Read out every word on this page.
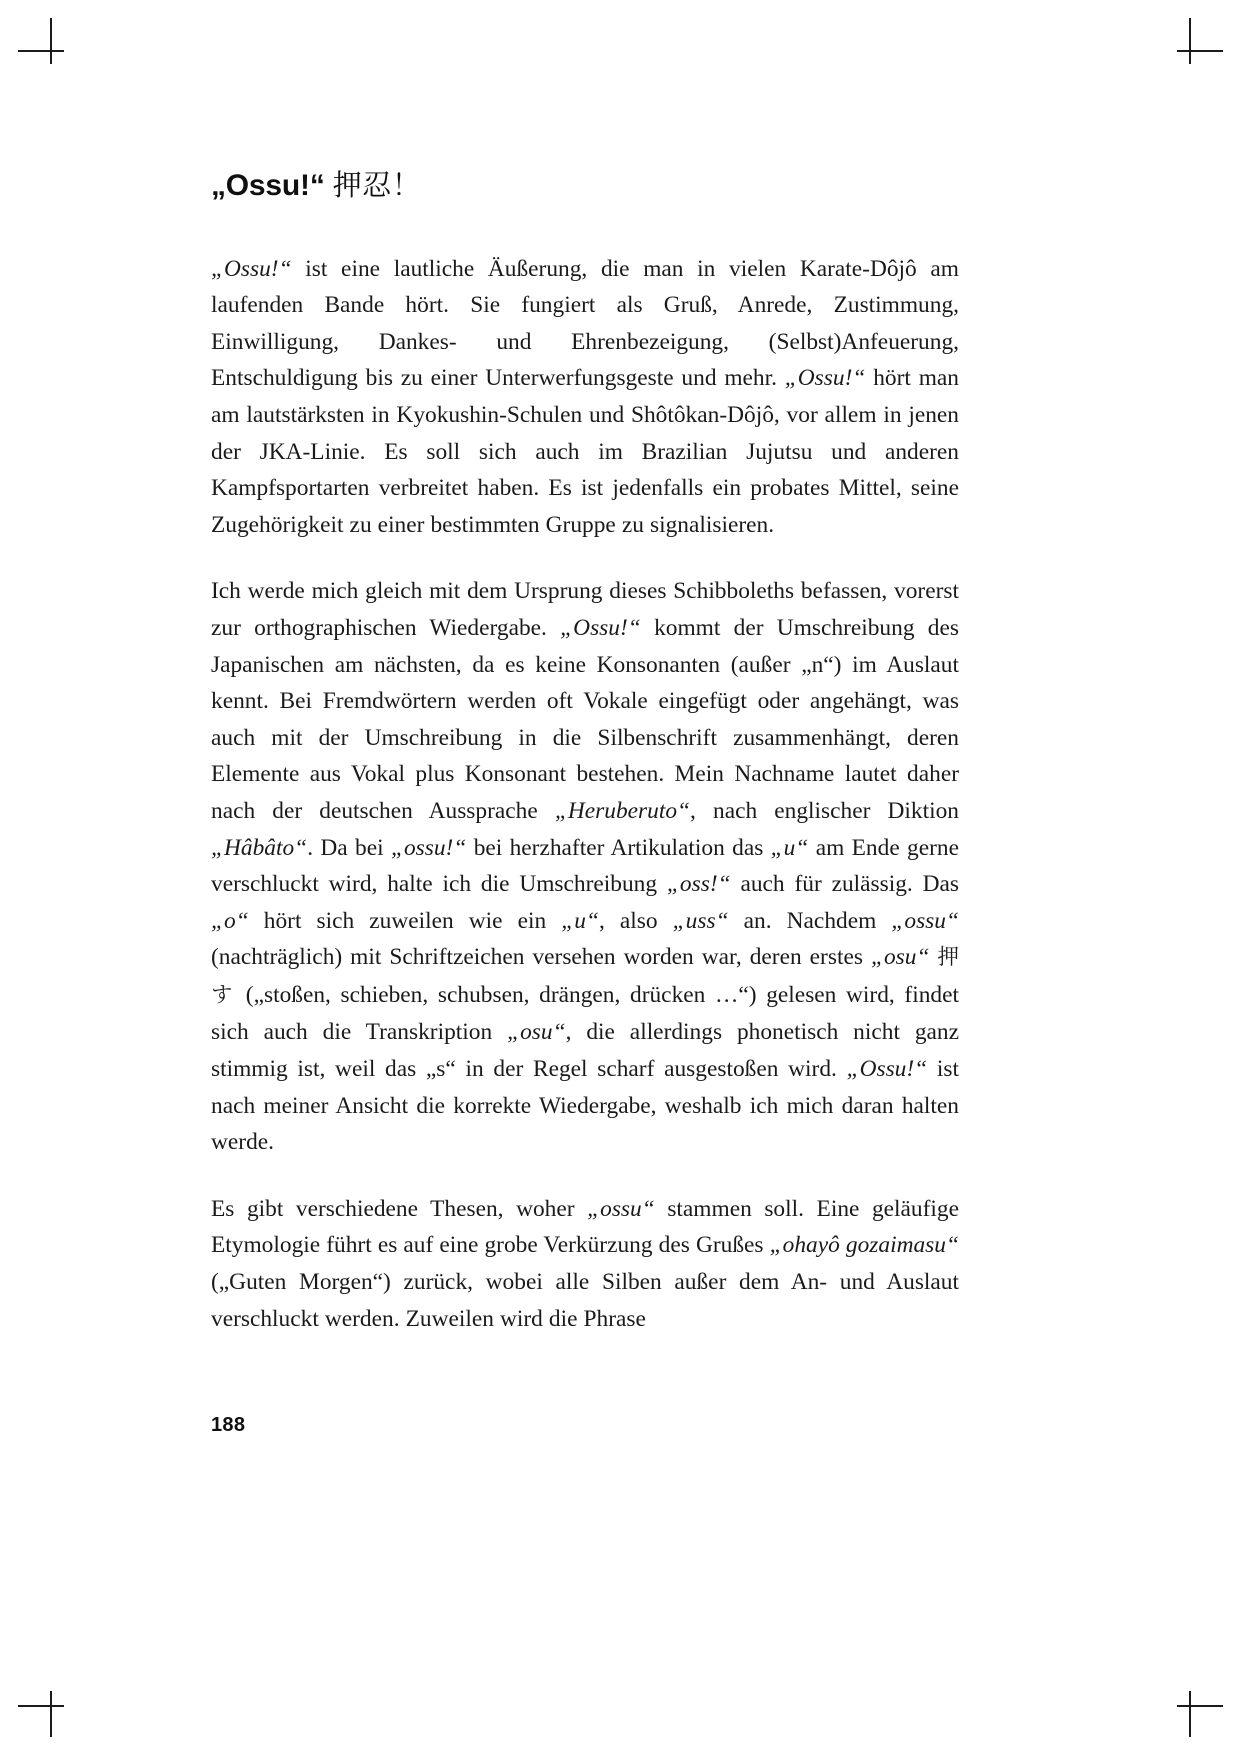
„Ossu!“ 押忍！

„Ossu!“ ist eine lautliche Äußerung, die man in vielen Karate-Dôjô am laufenden Bande hört. Sie fungiert als Gruß, Anrede, Zustimmung, Einwilligung, Dankes- und Ehrenbezeigung, (Selbst)Anfeuerung, Entschuldigung bis zu einer Unterwerfungsgeste und mehr. „Ossu!“ hört man am lautstärksten in Kyokushin-Schulen und Shôtôkan-Dôjô, vor allem in jenen der JKA-Linie. Es soll sich auch im Brazilian Jujutsu und anderen Kampfsportarten verbreitet haben. Es ist jedenfalls ein probates Mittel, seine Zugehörigkeit zu einer bestimmten Gruppe zu signalisieren.

Ich werde mich gleich mit dem Ursprung dieses Schibboleths befassen, vorerst zur orthographischen Wiedergabe. „Ossu!“ kommt der Umschreibung des Japanischen am nächsten, da es keine Konsonanten (außer „n“) im Auslaut kennt. Bei Fremdwörtern werden oft Vokale eingefügt oder angehängt, was auch mit der Umschreibung in die Silbenschrift zusammenhängt, deren Elemente aus Vokal plus Konsonant bestehen. Mein Nachname lautet daher nach der deutschen Aussprache „Heruberuto“, nach englischer Diktion „Hâbâto“. Da bei „ossu!“ bei herzhafter Artikulation das „u“ am Ende gerne verschluckt wird, halte ich die Umschreibung „oss!“ auch für zulässig. Das „o“ hört sich zuweilen wie ein „u“, also „uss“ an. Nachdem „ossu“ (nachträglich) mit Schriftzeichen versehen worden war, deren erstes „osu“ 押す („stoßen, schieben, schubsen, drängen, drücken …“) gelesen wird, findet sich auch die Transkription „osu“, die allerdings phonetisch nicht ganz stimmig ist, weil das „s“ in der Regel scharf ausgestoßen wird. „Ossu!“ ist nach meiner Ansicht die korrekte Wiedergabe, weshalb ich mich daran halten werde.

Es gibt verschiedene Thesen, woher „ossu“ stammen soll. Eine geläufige Etymologie führt es auf eine grobe Verkürzung des Grußes „ohayô gozaimasu“ („Guten Morgen“) zurück, wobei alle Silben außer dem An- und Auslaut verschluckt werden. Zuweilen wird die Phrase

188
